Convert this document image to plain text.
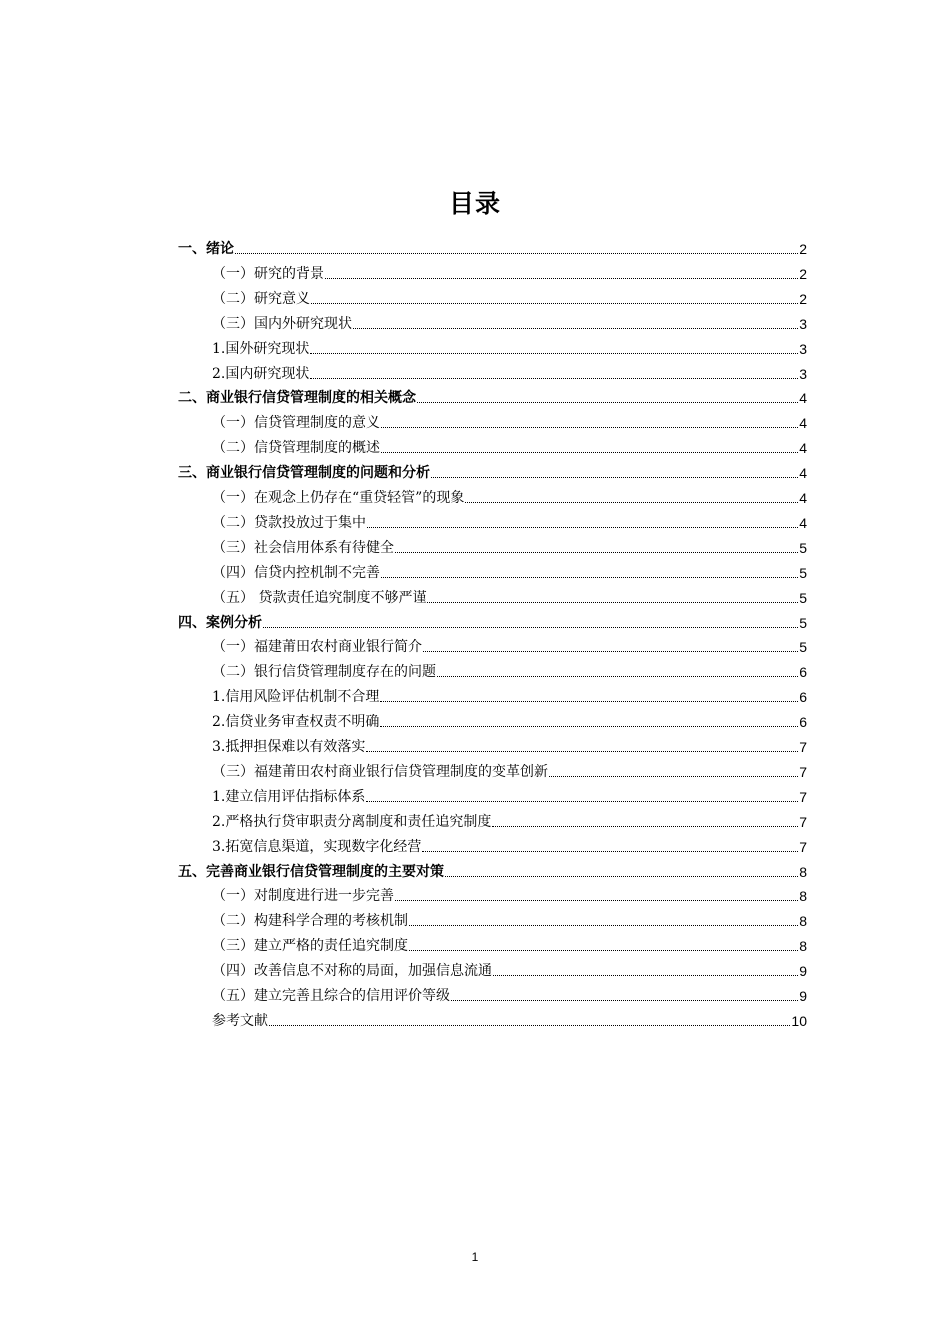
目录
一、绪论	2
（一）研究的背景	2
（二）研究意义	2
（三）国内外研究现状	3
1.国外研究现状	3
2.国内研究现状	3
二、商业银行信贷管理制度的相关概念	4
（一）信贷管理制度的意义	4
（二）信贷管理制度的概述	4
三、商业银行信贷管理制度的问题和分析	4
（一）在观念上仍存在“重贷轻管”的现象	4
（二）贷款投放过于集中	4
（三）社会信用体系有待健全	5
（四）信贷内控机制不完善	5
（五） 贷款责任追究制度不够严谨	5
四、案例分析	5
（一）福建莆田农村商业银行简介	5
（二）银行信贷管理制度存在的问题	6
1.信用风险评估机制不合理	6
2.信贷业务审查权责不明确	6
3.抵押担保难以有效落实	7
（三）福建莆田农村商业银行信贷管理制度的变革创新	7
1.建立信用评估指标体系	7
2.严格执行贷审职责分离制度和责任追究制度	7
3.拓宽信息渠道，实现数字化经营	7
五、完善商业银行信贷管理制度的主要对策	8
（一）对制度进行进一步完善	8
（二）构建科学合理的考核机制	8
（三）建立严格的责任追究制度	8
（四）改善信息不对称的局面，加强信息流通	9
（五）建立完善且综合的信用评价等级	9
参考文献	10
1
